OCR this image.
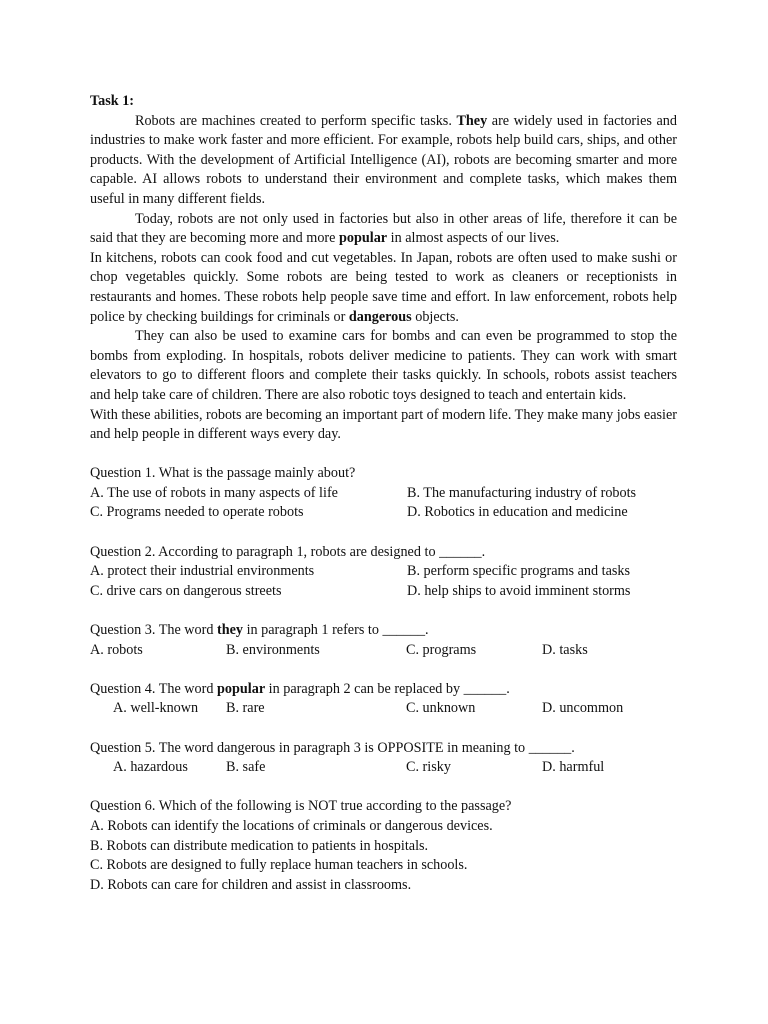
Task 1:

Robots are machines created to perform specific tasks. They are widely used in factories and industries to make work faster and more efficient. For example, robots help build cars, ships, and other products. With the development of Artificial Intelligence (AI), robots are becoming smarter and more capable. AI allows robots to understand their environment and complete tasks, which makes them useful in many different fields.

Today, robots are not only used in factories but also in other areas of life, therefore it can be said that they are becoming more and more popular in almost aspects of our lives.

In kitchens, robots can cook food and cut vegetables. In Japan, robots are often used to make sushi or chop vegetables quickly. Some robots are being tested to work as cleaners or receptionists in restaurants and homes. These robots help people save time and effort. In law enforcement, robots help police by checking buildings for criminals or dangerous objects.

They can also be used to examine cars for bombs and can even be programmed to stop the bombs from exploding. In hospitals, robots deliver medicine to patients. They can work with smart elevators to go to different floors and complete their tasks quickly. In schools, robots assist teachers and help take care of children. There are also robotic toys designed to teach and entertain kids.

With these abilities, robots are becoming an important part of modern life. They make many jobs easier and help people in different ways every day.

Question 1. What is the passage mainly about?

A. The use of robots in many aspects of life	B. The manufacturing industry of robots

C. Programs needed to operate robots	D. Robotics in education and medicine

Question 2. According to paragraph 1, robots are designed to ______.

A. protect their industrial environments	B. perform specific programs and tasks

C. drive cars on dangerous streets	D. help ships to avoid imminent storms

Question 3. The word they in paragraph 1 refers to ______.

A. robots	B. environments	C. programs	D. tasks

Question 4. The word popular in paragraph 2 can be replaced by ______.

A. well-known	B. rare	C. unknown	D. uncommon

Question 5. The word dangerous in paragraph 3 is OPPOSITE in meaning to ______.

A. hazardous	B. safe	C. risky	D. harmful

Question 6. Which of the following is NOT true according to the passage?

A. Robots can identify the locations of criminals or dangerous devices.

B. Robots can distribute medication to patients in hospitals.

C. Robots are designed to fully replace human teachers in schools.

D. Robots can care for children and assist in classrooms.
